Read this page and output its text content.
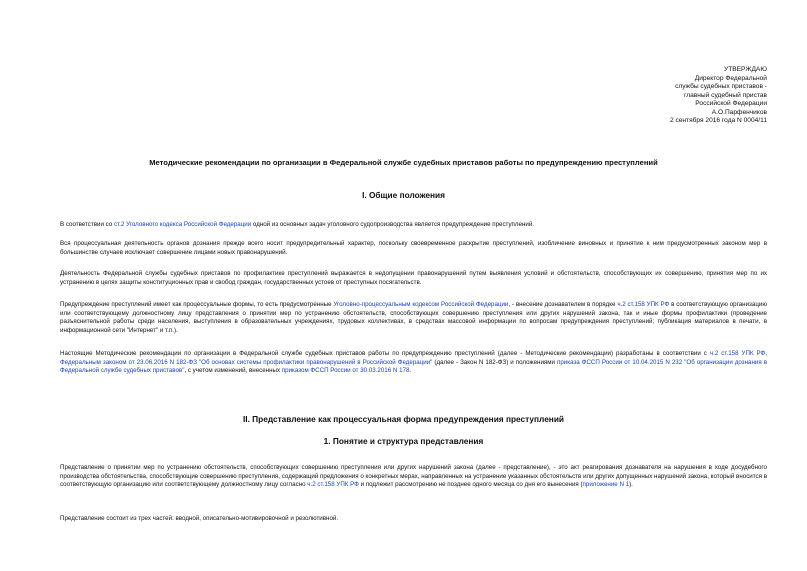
УТВЕРЖДАЮ
Директор Федеральной
службы судебных приставов -
главный судебный пристав
Российской Федерации
А.О.Парфенчиков
2 сентября 2016 года N 0004/11
Методические рекомендации по организации в Федеральной службе судебных приставов работы по предупреждению преступлений
I. Общие положения
В соответствии со ст.2 Уголовного кодекса Российской Федерации одной из основных задач уголовного судопроизводства является предупреждение преступлений.
Вся процессуальная деятельность органов дознания прежде всего носит предупредительный характер, поскольку своевременное раскрытие преступлений, изобличение виновных и принятие к ним предусмотренных законом мер в большинстве случаев исключает совершение лицами новых правонарушений.
Деятельность Федеральной службы судебных приставов по профилактике преступлений выражается в недопущении правонарушений путем выявления условий и обстоятельств, способствующих их совершению, принятия мер по их устранению в целях защиты конституционных прав и свобод граждан, государственных устоев от преступных посягательств.
Предупреждение преступлений имеет как процессуальные формы, то есть предусмотренные Уголовно-процессуальным кодексом Российской Федерации, - внесение дознавателем в порядке ч.2 ст.158 УПК РФ в соответствующую организацию или соответствующему должностному лицу представления о принятии мер по устранению обстоятельств, способствующих совершению преступления или других нарушений закона, так и иные формы профилактики (проведение разъяснительной работы среди населения, выступления в образовательных учреждениях, трудовых коллективах, в средствах массовой информации по вопросам предупреждения преступлений; публикация материалов в печати, в информационной сети "Интернет" и т.п.).
Настоящие Методические рекомендации по организации в Федеральной службе судебных приставов работы по предупреждению преступлений (далее - Методические рекомендации) разработаны в соответствии с ч.2 ст.158 УПК РФ, Федеральным законом от 23.06.2016 N 182-ФЗ "Об основах системы профилактики правонарушений в Российской Федерации" (далее - Закон N 182-ФЗ) и положениями приказа ФССП России от 10.04.2015 N 232 "Об организации дознания в Федеральной службе судебных приставов", с учетом изменений, внесенных приказом ФССП России от 30.03.2016 N 178.
II. Представление как процессуальная форма предупреждения преступлений
1. Понятие и структура представления
Представление о принятии мер по устранению обстоятельств, способствующих совершению преступления или других нарушений закона (далее - представление), - это акт реагирования дознавателя на нарушения в ходе досудебного производства обстоятельства, способствующие совершению преступления, содержащий предложения о конкретных мерах, направленных на устранение указанных обстоятельств или других допущенных нарушений закона, который вносится в соответствующую организацию или соответствующему должностному лицу согласно ч.2 ст.158 УПК РФ и подлежит рассмотрению не позднее одного месяца со дня его вынесения (приложение N 1).
Представление состоит из трех частей: вводной, описательно-мотивировочной и резолютивной.
